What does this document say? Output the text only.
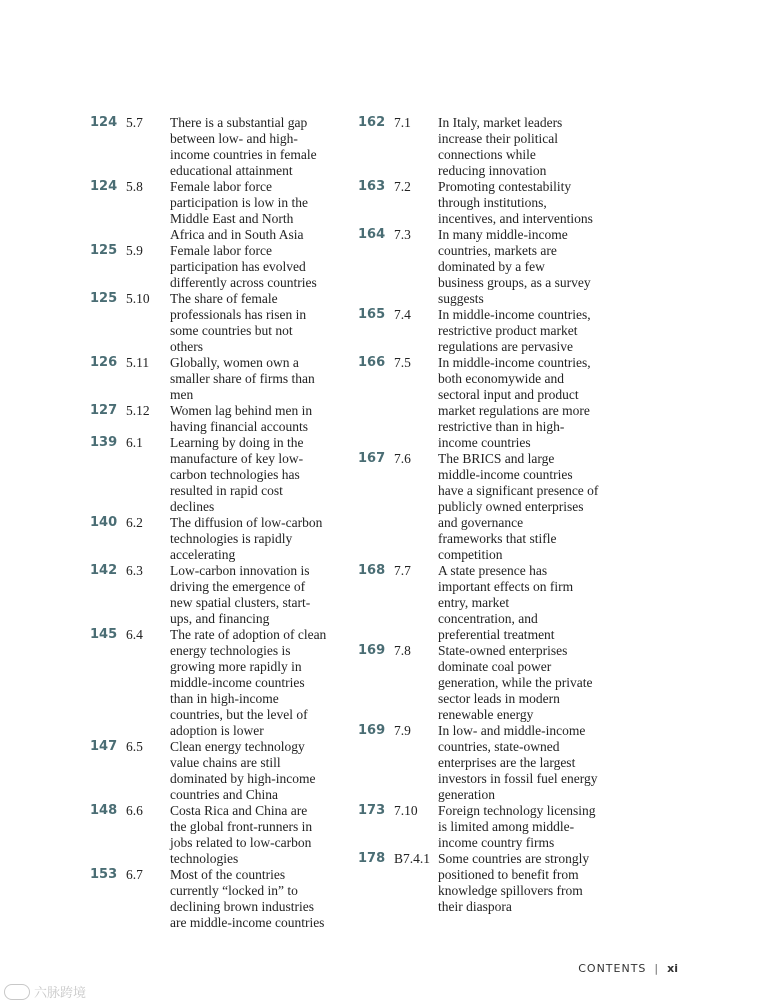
124 5.7	There is a substantial gap
between low- and high-
income countries in female
educational attainment
124 5.8	Female labor force
participation is low in the
Middle East and North
Africa and in South Asia
125 5.9	Female labor force
participation has evolved
differently across countries
125 5.10	The share of female
professionals has risen in
some countries but not
others
126 5.11	Globally, women own a
smaller share of firms than
men
127 5.12	Women lag behind men in
having financial accounts
139 6.1	Learning by doing in the
manufacture of key low-
carbon technologies has
resulted in rapid cost
declines
140 6.2	The diffusion of low-carbon
technologies is rapidly
accelerating
142 6.3	Low-carbon innovation is
driving the emergence of
new spatial clusters, start-
ups, and financing
145 6.4	The rate of adoption of clean
energy technologies is
growing more rapidly in
middle-income countries
than in high-income
countries, but the level of
adoption is lower
147 6.5	Clean energy technology
value chains are still
dominated by high-income
countries and China
148 6.6	Costa Rica and China are
the global front-runners in
jobs related to low-carbon
technologies
153 6.7	Most of the countries
currently “locked in” to
declining brown industries
are middle-income countries
162 7.1	In Italy, market leaders
increase their political
connections while
reducing innovation
163 7.2	Promoting contestability
through institutions,
incentives, and interventions
164 7.3	In many middle-income
countries, markets are
dominated by a few
business groups, as a survey
suggests
165 7.4	In middle-income countries,
restrictive product market
regulations are pervasive
166 7.5	In middle-income countries,
both economywide and
sectoral input and product
market regulations are more
restrictive than in high-
income countries
167 7.6	The BRICS and large
middle-income countries
have a significant presence of
publicly owned enterprises
and governance
frameworks that stifle
competition
168 7.7	A state presence has
important effects on firm
entry, market
concentration, and
preferential treatment
169 7.8	State-owned enterprises
dominate coal power
generation, while the private
sector leads in modern
renewable energy
169 7.9	In low- and middle-income
countries, state-owned
enterprises are the largest
investors in fossil fuel energy
generation
173 7.10	Foreign technology licensing
is limited among middle-
income country firms
178 B7.4.1 Some countries are strongly
positioned to benefit from
knowledge spillovers from
their diaspora
CONTENTS | xi
六脉跨境
